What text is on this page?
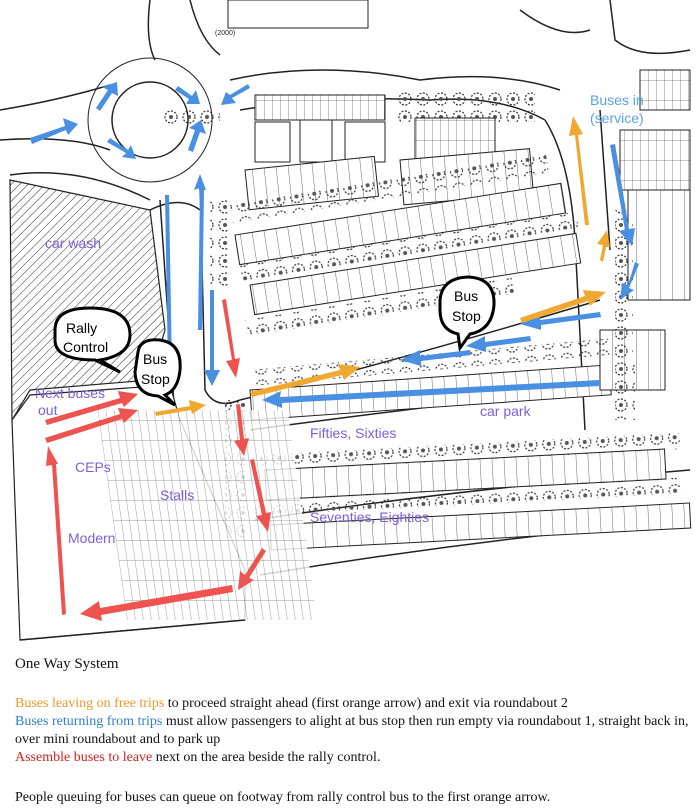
(2000)
car wash
car park
Fifties, Sixties
Seventies, Eighties
Next buses
out
CEPs
Stalls
Modern
Buses in
(service)
Rally
Control
Bus
Stop
Bus
Stop
One Way System
Buses leaving on free trips to proceed straight ahead (first orange arrow) and exit via roundabout 2
Buses returning from trips must allow passengers to alight at bus stop then run empty via roundabout 1, straight back in, over mini roundabout and to park up
Assemble buses to leave next on the area beside the rally control.
People queuing for buses can queue on footway from rally control bus to the first orange arrow.
